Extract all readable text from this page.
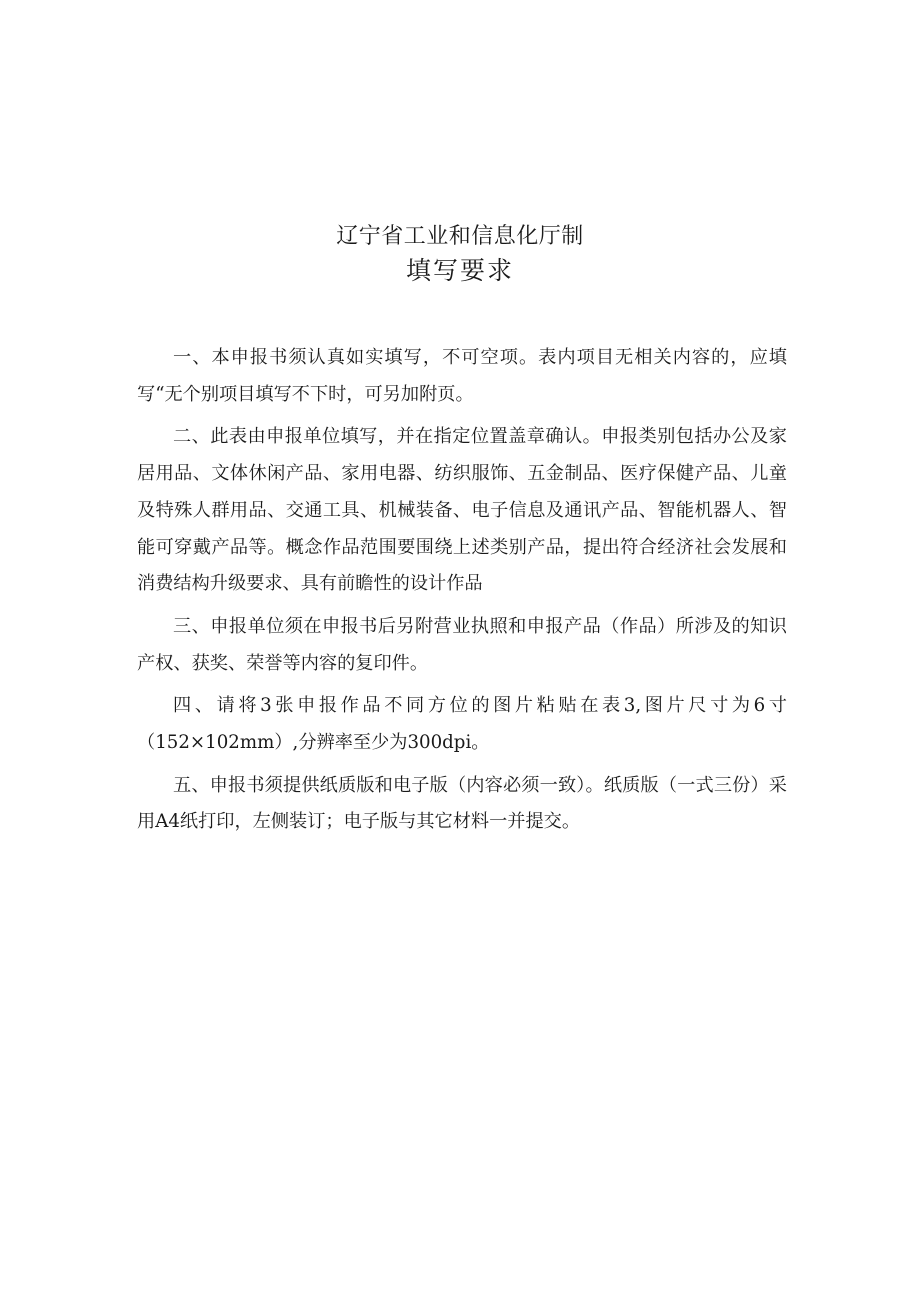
辽宁省工业和信息化厅制
填写要求

一、本申报书须认真如实填写，不可空项。表内项目无相关内容的，应填写“无个别项目填写不下时，可另加附页。

二、此表由申报单位填写，并在指定位置盖章确认。申报类别包括办公及家居用品、文体休闲产品、家用电器、纺织服饰、五金制品、医疗保健产品、儿童及特殊人群用品、交通工具、机械装备、电子信息及通讯产品、智能机器人、智能可穿戴产品等。概念作品范围要围绕上述类别产品，提出符合经济社会发展和消费结构升级要求、具有前瞻性的设计作品

三、申报单位须在申报书后另附营业执照和申报产品（作品）所涉及的知识产权、获奖、荣誉等内容的复印件。

四、请将3张申报作品不同方位的图片粘贴在表3,图片尺寸为6寸（152×102mm）,分辨率至少为300dpi。

五、申报书须提供纸质版和电子版（内容必须一致）。纸质版（一式三份）采用A4纸打印，左侧装订；电子版与其它材料一并提交。
